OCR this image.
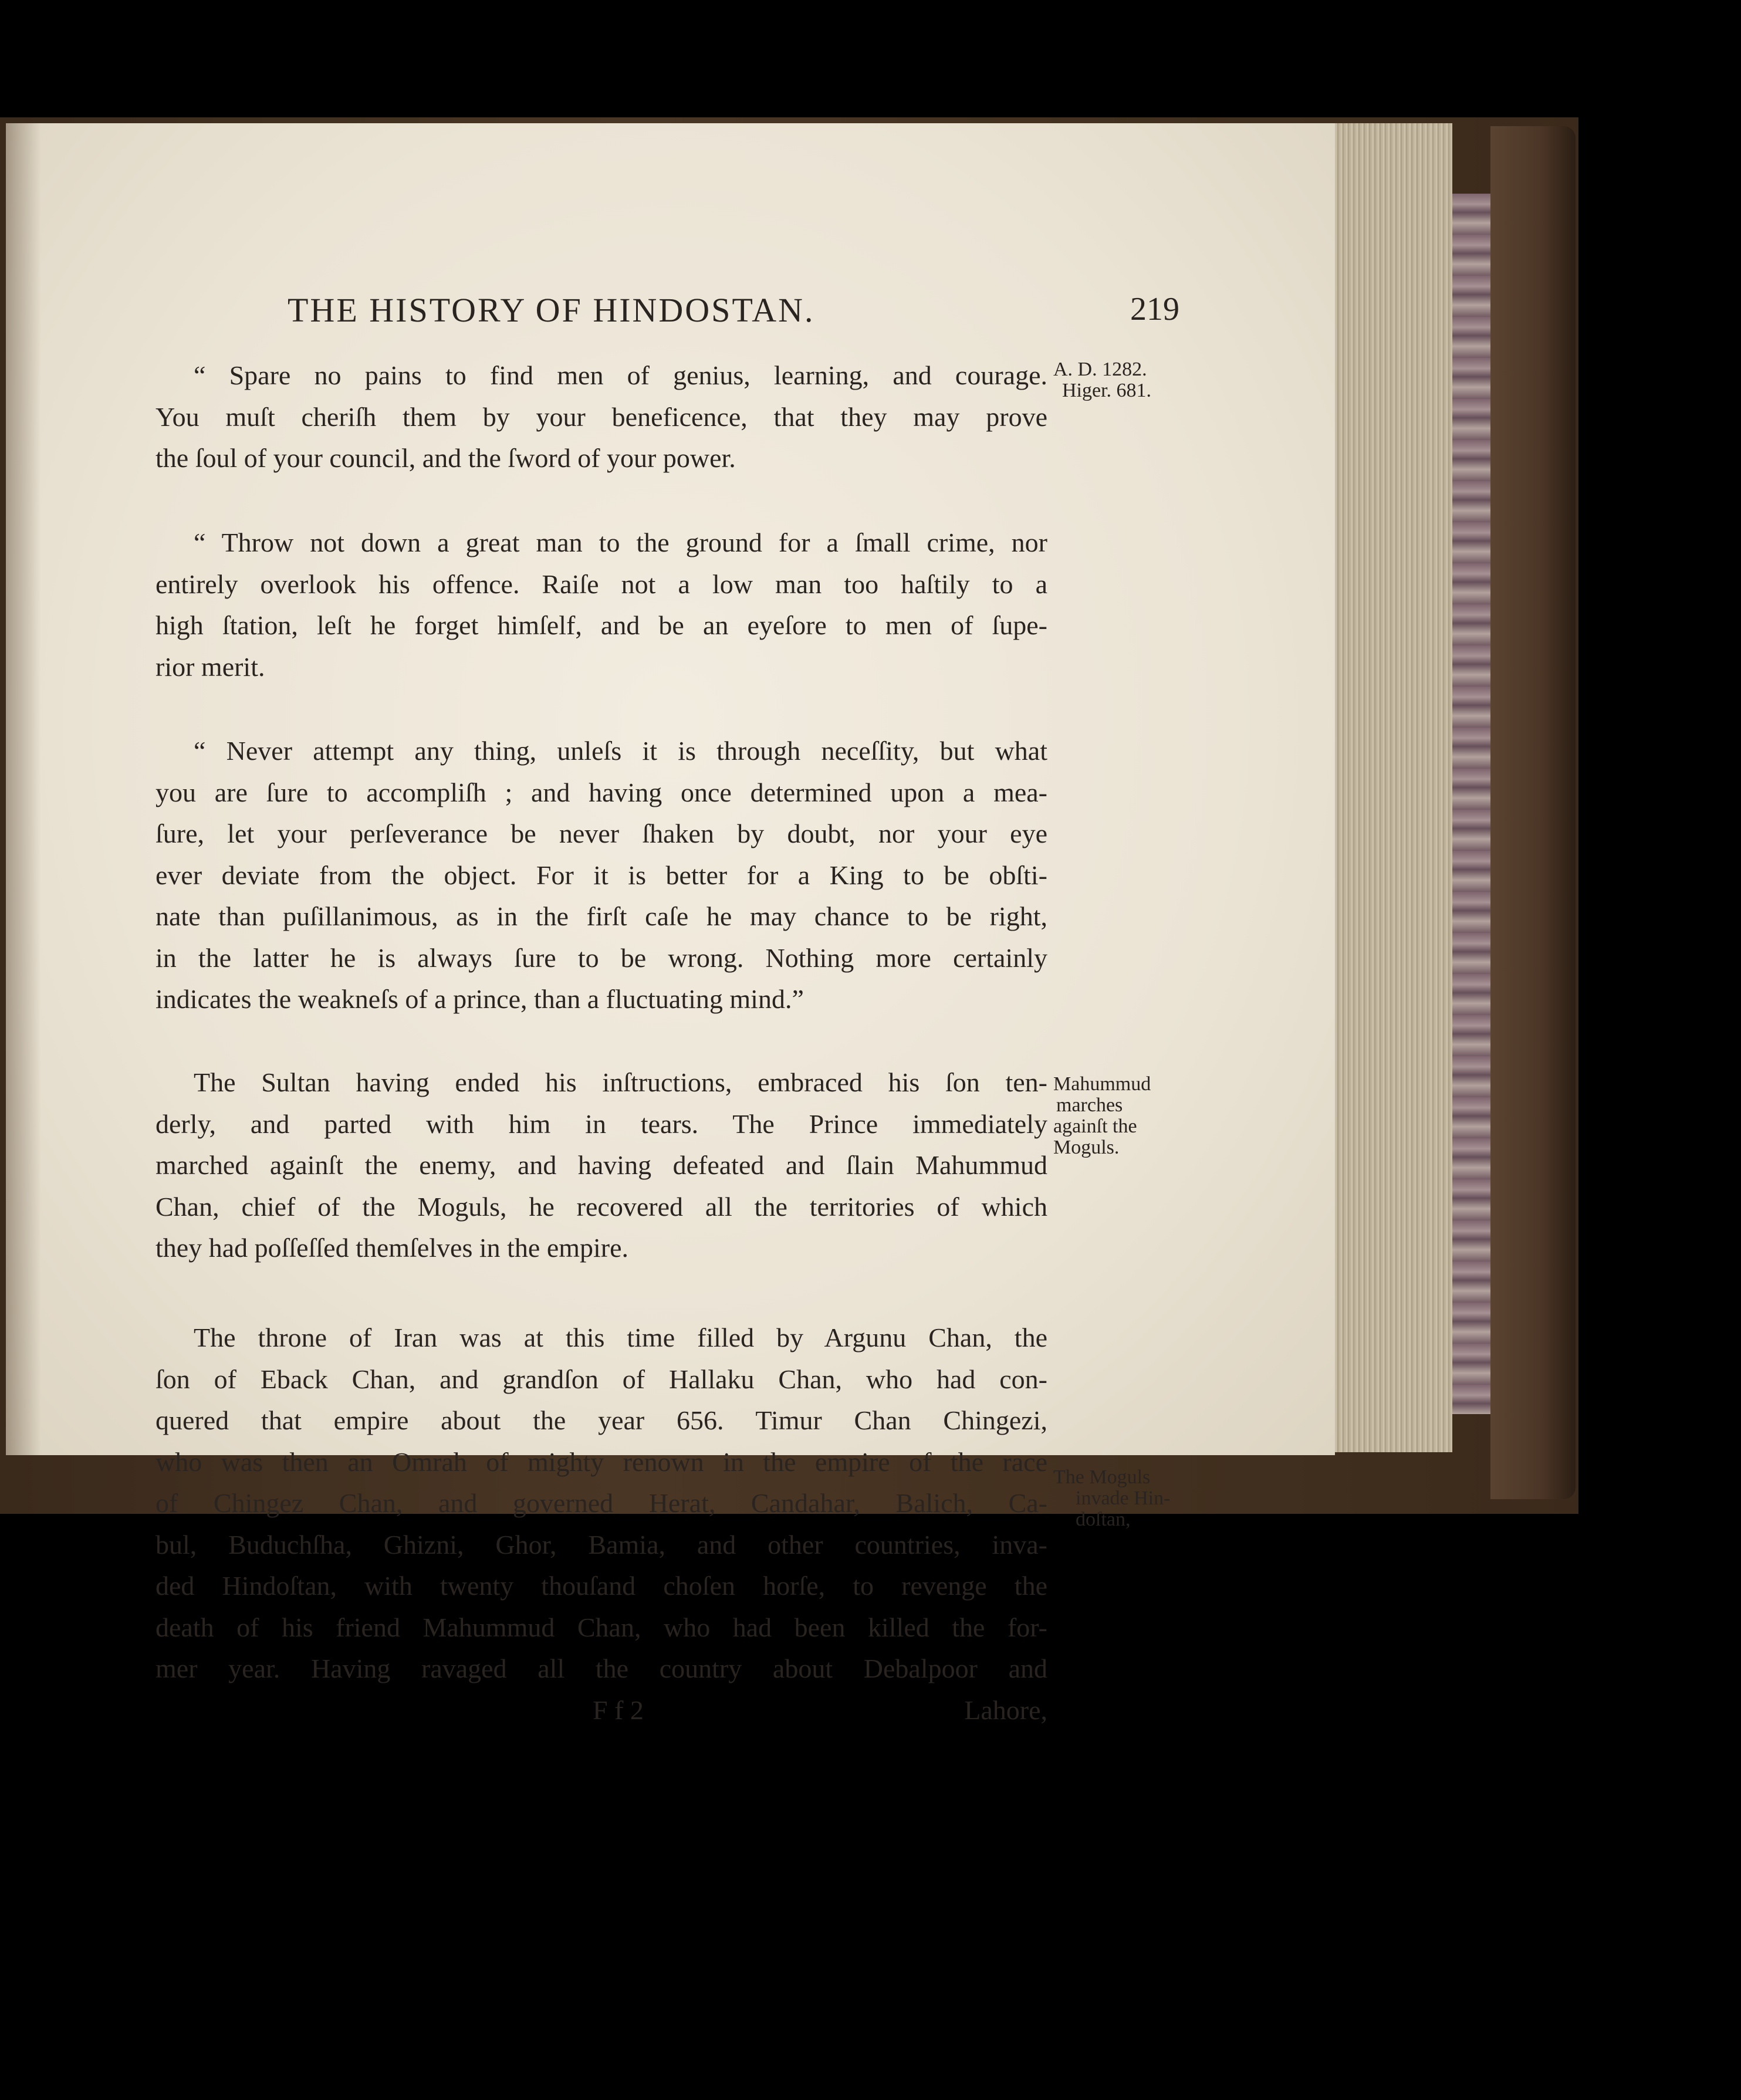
THE HISTORY OF HINDOSTAN.	219
“ Spare no pains to find men of genius, learning, and courage.
You muſt cheriſh them by your beneficence, that they may prove
the ſoul of your council, and the ſword of your power.
A. D. 1282.
Higer. 681.
“ Throw not down a great man to the ground for a ſmall crime, nor
entirely overlook his offence. Raiſe not a low man too haſtily to a
high ſtation, leſt he forget himſelf, and be an eyeſore to men of ſupe-
rior merit.
“ Never attempt any thing, unleſs it is through neceſſity, but what
you are ſure to accompliſh ; and having once determined upon a mea-
ſure, let your perſeverance be never ſhaken by doubt, nor your eye
ever deviate from the object. For it is better for a King to be obſti-
nate than puſillanimous, as in the firſt caſe he may chance to be right,
in the latter he is always ſure to be wrong. Nothing more certainly
indicates the weakneſs of a prince, than a fluctuating mind.”
The Sultan having ended his inſtructions, embraced his ſon ten-
derly, and parted with him in tears. The Prince immediately
marched againſt the enemy, and having defeated and ſlain Mahummud
Chan, chief of the Moguls, he recovered all the territories of which
they had poſſeſſed themſelves in the empire.
Mahummud
marches
againſt the
Moguls.
The throne of Iran was at this time filled by Argunu Chan, the
ſon of Eback Chan, and grandſon of Hallaku Chan, who had con-
quered that empire about the year 656. Timur Chan Chingezi,
who was then an Omrah of mighty renown in the empire of the race
of Chingez Chan, and governed Herat, Candahar, Balich, Ca-
bul, Buduchſha, Ghizni, Ghor, Bamia, and other countries, inva-
ded Hindoſtan, with twenty thouſand choſen horſe, to revenge the
death of his friend Mahummud Chan, who had been killed the for-
mer year. Having ravaged all the country about Debalpoor and
F f 2	Lahore,
The Moguls
invade Hin-
doſtan,
